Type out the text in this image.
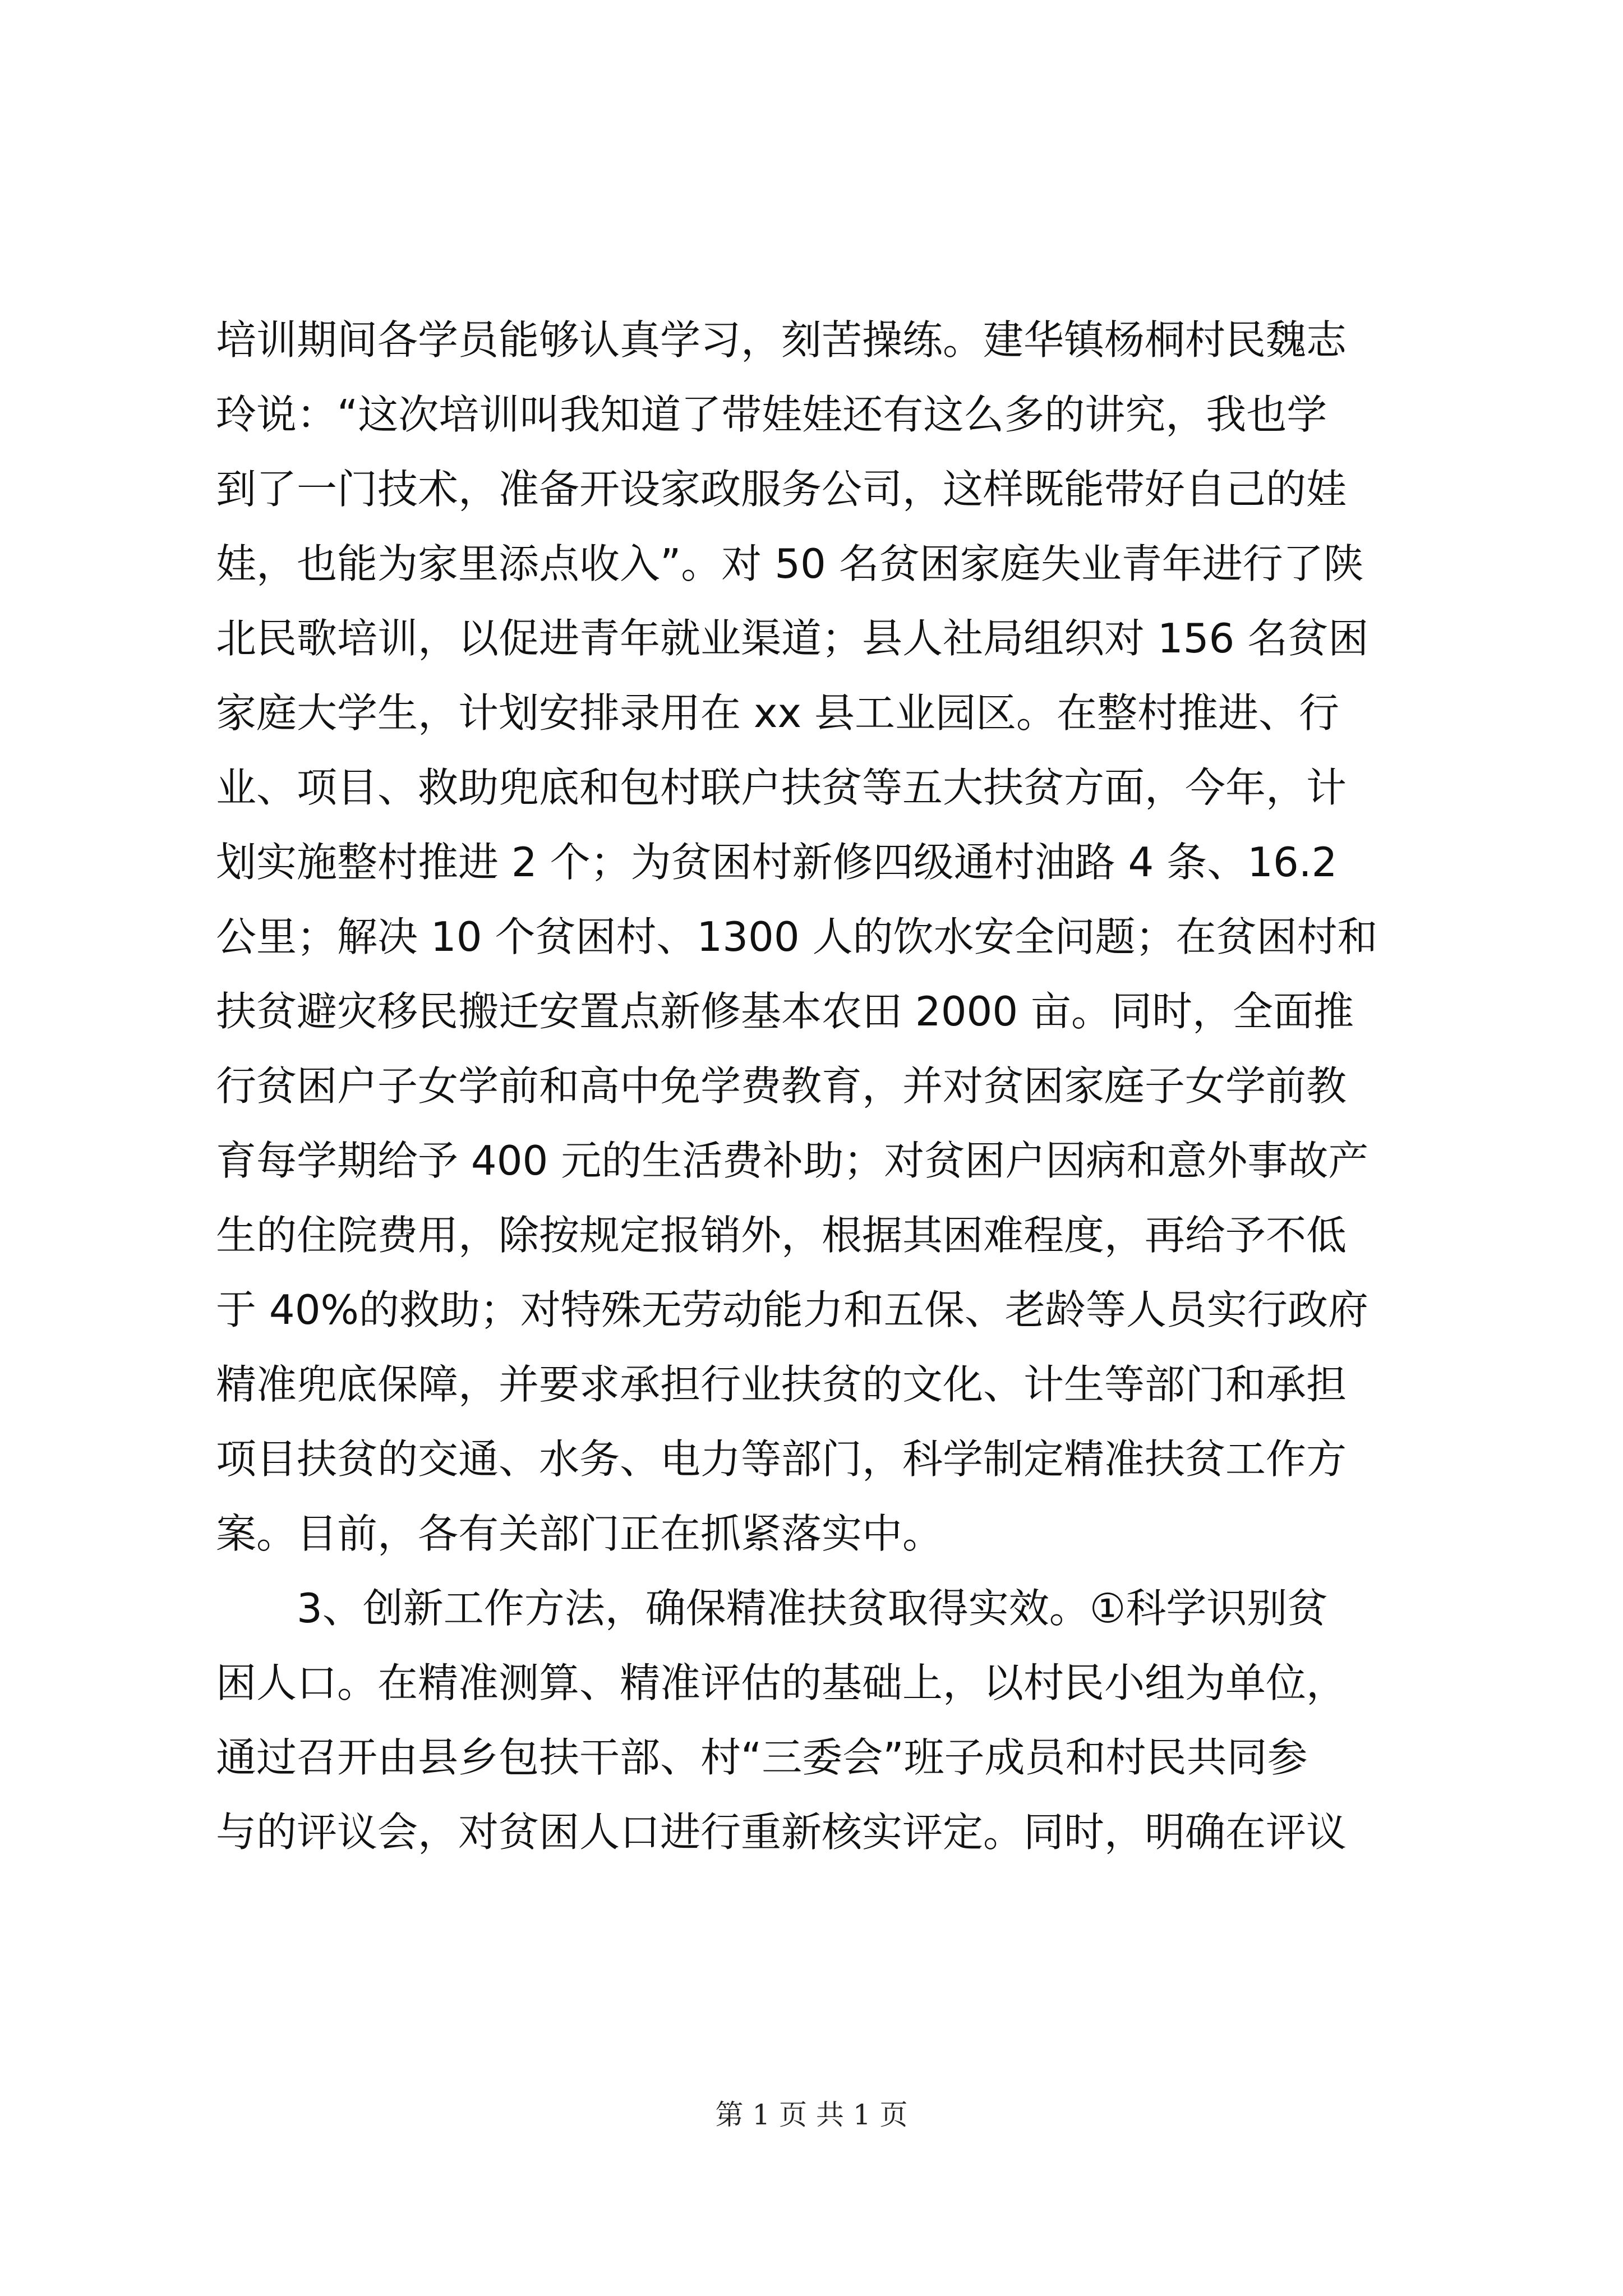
培训期间各学员能够认真学习，刻苦操练。建华镇杨桐村民魏志
玲说：“这次培训叫我知道了带娃娃还有这么多的讲究，我也学
到了一门技术，准备开设家政服务公司，这样既能带好自己的娃
娃，也能为家里添点收入”。对 50 名贫困家庭失业青年进行了陕
北民歌培训，以促进青年就业渠道；县人社局组织对 156 名贫困
家庭大学生，计划安排录用在 xx 县工业园区。在整村推进、行
业、项目、救助兜底和包村联户扶贫等五大扶贫方面，今年，计
划实施整村推进 2 个；为贫困村新修四级通村油路 4 条、16.2
公里；解决 10 个贫困村、1300 人的饮水安全问题；在贫困村和
扶贫避灾移民搬迁安置点新修基本农田 2000 亩。同时，全面推
行贫困户子女学前和高中免学费教育，并对贫困家庭子女学前教
育每学期给予 400 元的生活费补助；对贫困户因病和意外事故产
生的住院费用，除按规定报销外，根据其困难程度，再给予不低
于 40%的救助；对特殊无劳动能力和五保、老龄等人员实行政府
精准兜底保障，并要求承担行业扶贫的文化、计生等部门和承担
项目扶贫的交通、水务、电力等部门，科学制定精准扶贫工作方
案。目前，各有关部门正在抓紧落实中。
　　3、创新工作方法，确保精准扶贫取得实效。①科学识别贫
困人口。在精准测算、精准评估的基础上，以村民小组为单位，
通过召开由县乡包扶干部、村“三委会”班子成员和村民共同参
与的评议会，对贫困人口进行重新核实评定。同时，明确在评议
第 1 页 共 1 页
